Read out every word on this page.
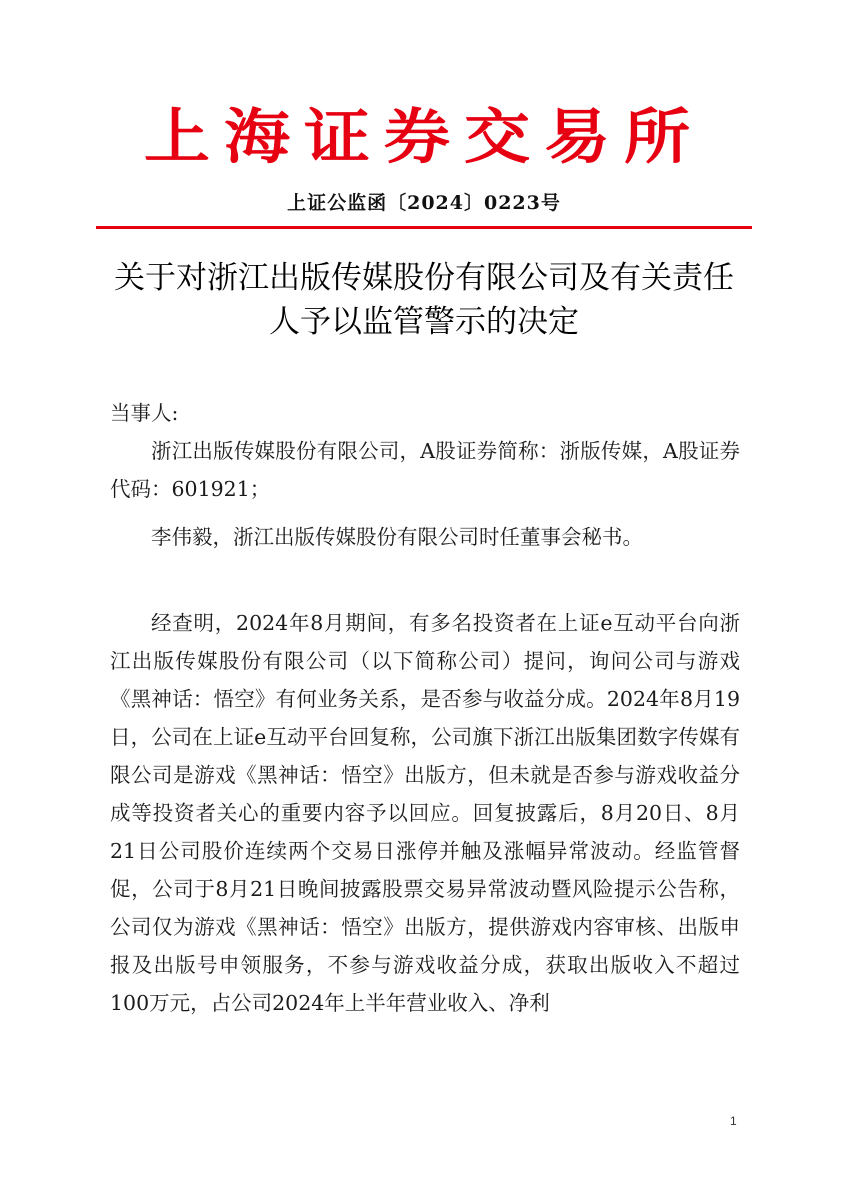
上海证券交易所
上证公监函〔2024〕0223号
关于对浙江出版传媒股份有限公司及有关责任
人予以监管警示的决定

当事人:

浙江出版传媒股份有限公司，A股证券简称：浙版传媒，A股证券代码：601921；

李伟毅，浙江出版传媒股份有限公司时任董事会秘书。

经查明，2024年8月期间，有多名投资者在上证e互动平台向浙江出版传媒股份有限公司（以下简称公司）提问，询问公司与游戏《黑神话：悟空》有何业务关系，是否参与收益分成。2024年8月19日，公司在上证e互动平台回复称，公司旗下浙江出版集团数字传媒有限公司是游戏《黑神话：悟空》出版方，但未就是否参与游戏收益分成等投资者关心的重要内容予以回应。回复披露后，8月20日、8月21日公司股价连续两个交易日涨停并触及涨幅异常波动。经监管督促，公司于8月21日晚间披露股票交易异常波动暨风险提示公告称，公司仅为游戏《黑神话：悟空》出版方，提供游戏内容审核、出版申报及出版号申领服务，不参与游戏收益分成，获取出版收入不超过100万元，占公司2024年上半年营业收入、净利

1
